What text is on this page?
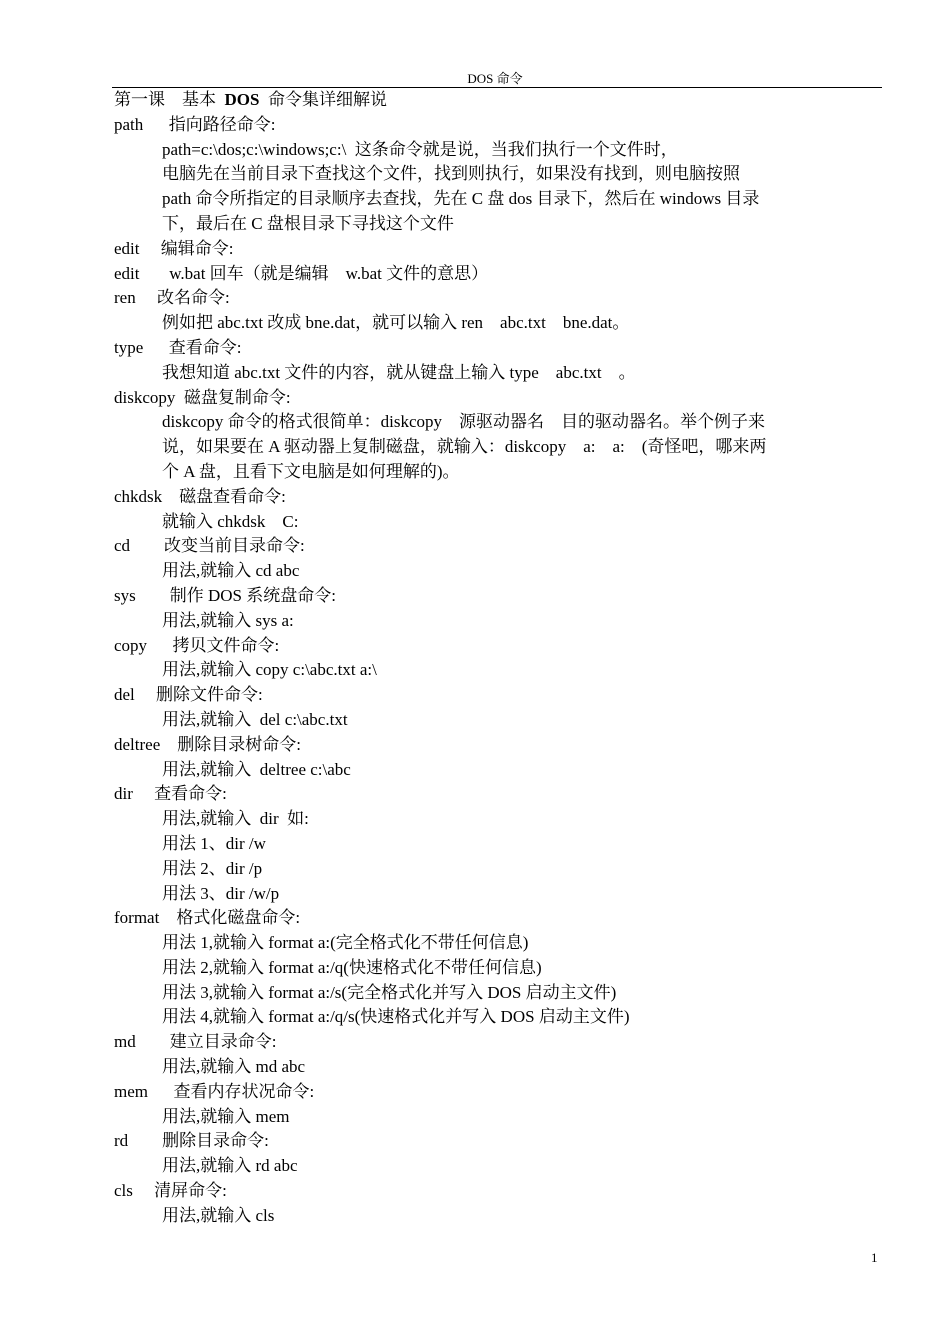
DOS 命令
第一课　基本 DOS 命令集详细解说
path　  指向路径命令:
path=c:\dos;c:\windows;c:\  这条命令就是说，当我们执行一个文件时，
电脑先在当前目录下查找这个文件，找到则执行，如果没有找到，则电脑按照
path 命令所指定的目录顺序去查找，先在 C 盘 dos 目录下，然后在 windows 目录
下，最后在 C 盘根目录下寻找这个文件
edit　 编辑命令:
edit　   w.bat 回车（就是编辑　w.bat 文件的意思）
ren　 改名命令:
例如把 abc.txt 改成 bne.dat，就可以输入 ren　abc.txt　bne.dat。
type　  查看命令:
我想知道 abc.txt 文件的内容，就从键盘上输入 type　abc.txt　。
diskcopy  磁盘复制命令:
diskcopy 命令的格式很简单：diskcopy　源驱动器名　目的驱动器名。举个例子来
说，如果要在 A 驱动器上复制磁盘，就输入：diskcopy　a:　a:　(奇怪吧，哪来两
个 A 盘，且看下文电脑是如何理解的)。
chkdsk　磁盘查看命令:
就输入 chkdsk　C:
cd　　改变当前目录命令:
用法,就输入 cd abc
sys　　制作 DOS 系统盘命令:
用法,就输入 sys a:
copy　  拷贝文件命令:
用法,就输入 copy c:\abc.txt a:\
del　 删除文件命令:
用法,就输入  del c:\abc.txt
deltree　删除目录树命令:
用法,就输入  deltree c:\abc
dir　 查看命令:
用法,就输入  dir  如:
用法 1、dir /w
用法 2、dir /p
用法 3、dir /w/p
format　格式化磁盘命令:
用法 1,就输入 format a:(完全格式化不带任何信息)
用法 2,就输入 format a:/q(快速格式化不带任何信息)
用法 3,就输入 format a:/s(完全格式化并写入 DOS 启动主文件)
用法 4,就输入 format a:/q/s(快速格式化并写入 DOS 启动主文件)
md　　建立目录命令:
用法,就输入 md abc
mem　  查看内存状况命令:
用法,就输入 mem
rd　　删除目录命令:
用法,就输入 rd abc
cls　 清屏命令:
用法,就输入 cls
1
